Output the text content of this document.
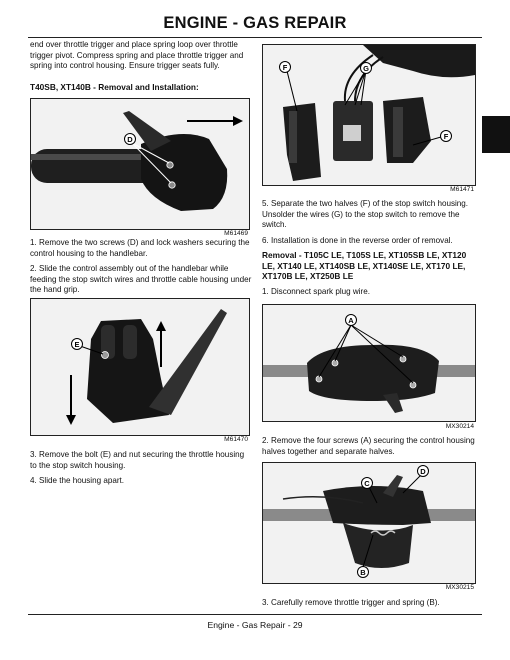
ENGINE - GAS REPAIR

end over throttle trigger and place spring loop over throttle trigger pivot. Compress spring and place throttle trigger and spring into control housing. Ensure trigger seats fully.

T40SB, XT140B - Removal and Installation:
D
M61469

1. Remove the two screws (D) and lock washers securing the control housing to the handlebar.

2. Slide the control assembly out of the handlebar while feeding the stop switch wires and throttle cable housing under the hand grip.

E
M61470

3. Remove the bolt (E) and nut securing the throttle housing to the stop switch housing.

4. Slide the housing apart.

F	G
F
M61471

5. Separate the two halves (F) of the stop switch housing. Unsolder the wires (G) to the stop switch to remove the switch.

6. Installation is done in the reverse order of removal.

Removal - T105C LE, T105S LE, XT105SB LE, XT120 LE, XT140 LE, XT140SB LE, XT140SE LE, XT170 LE, XT170B LE, XT250B LE

1. Disconnect spark plug wire.

A
MX30214

2. Remove the four screws (A) securing the control housing halves together and separate halves.

D
C
B
MX30215

3. Carefully remove throttle trigger and spring (B).

Engine - Gas Repair - 29
